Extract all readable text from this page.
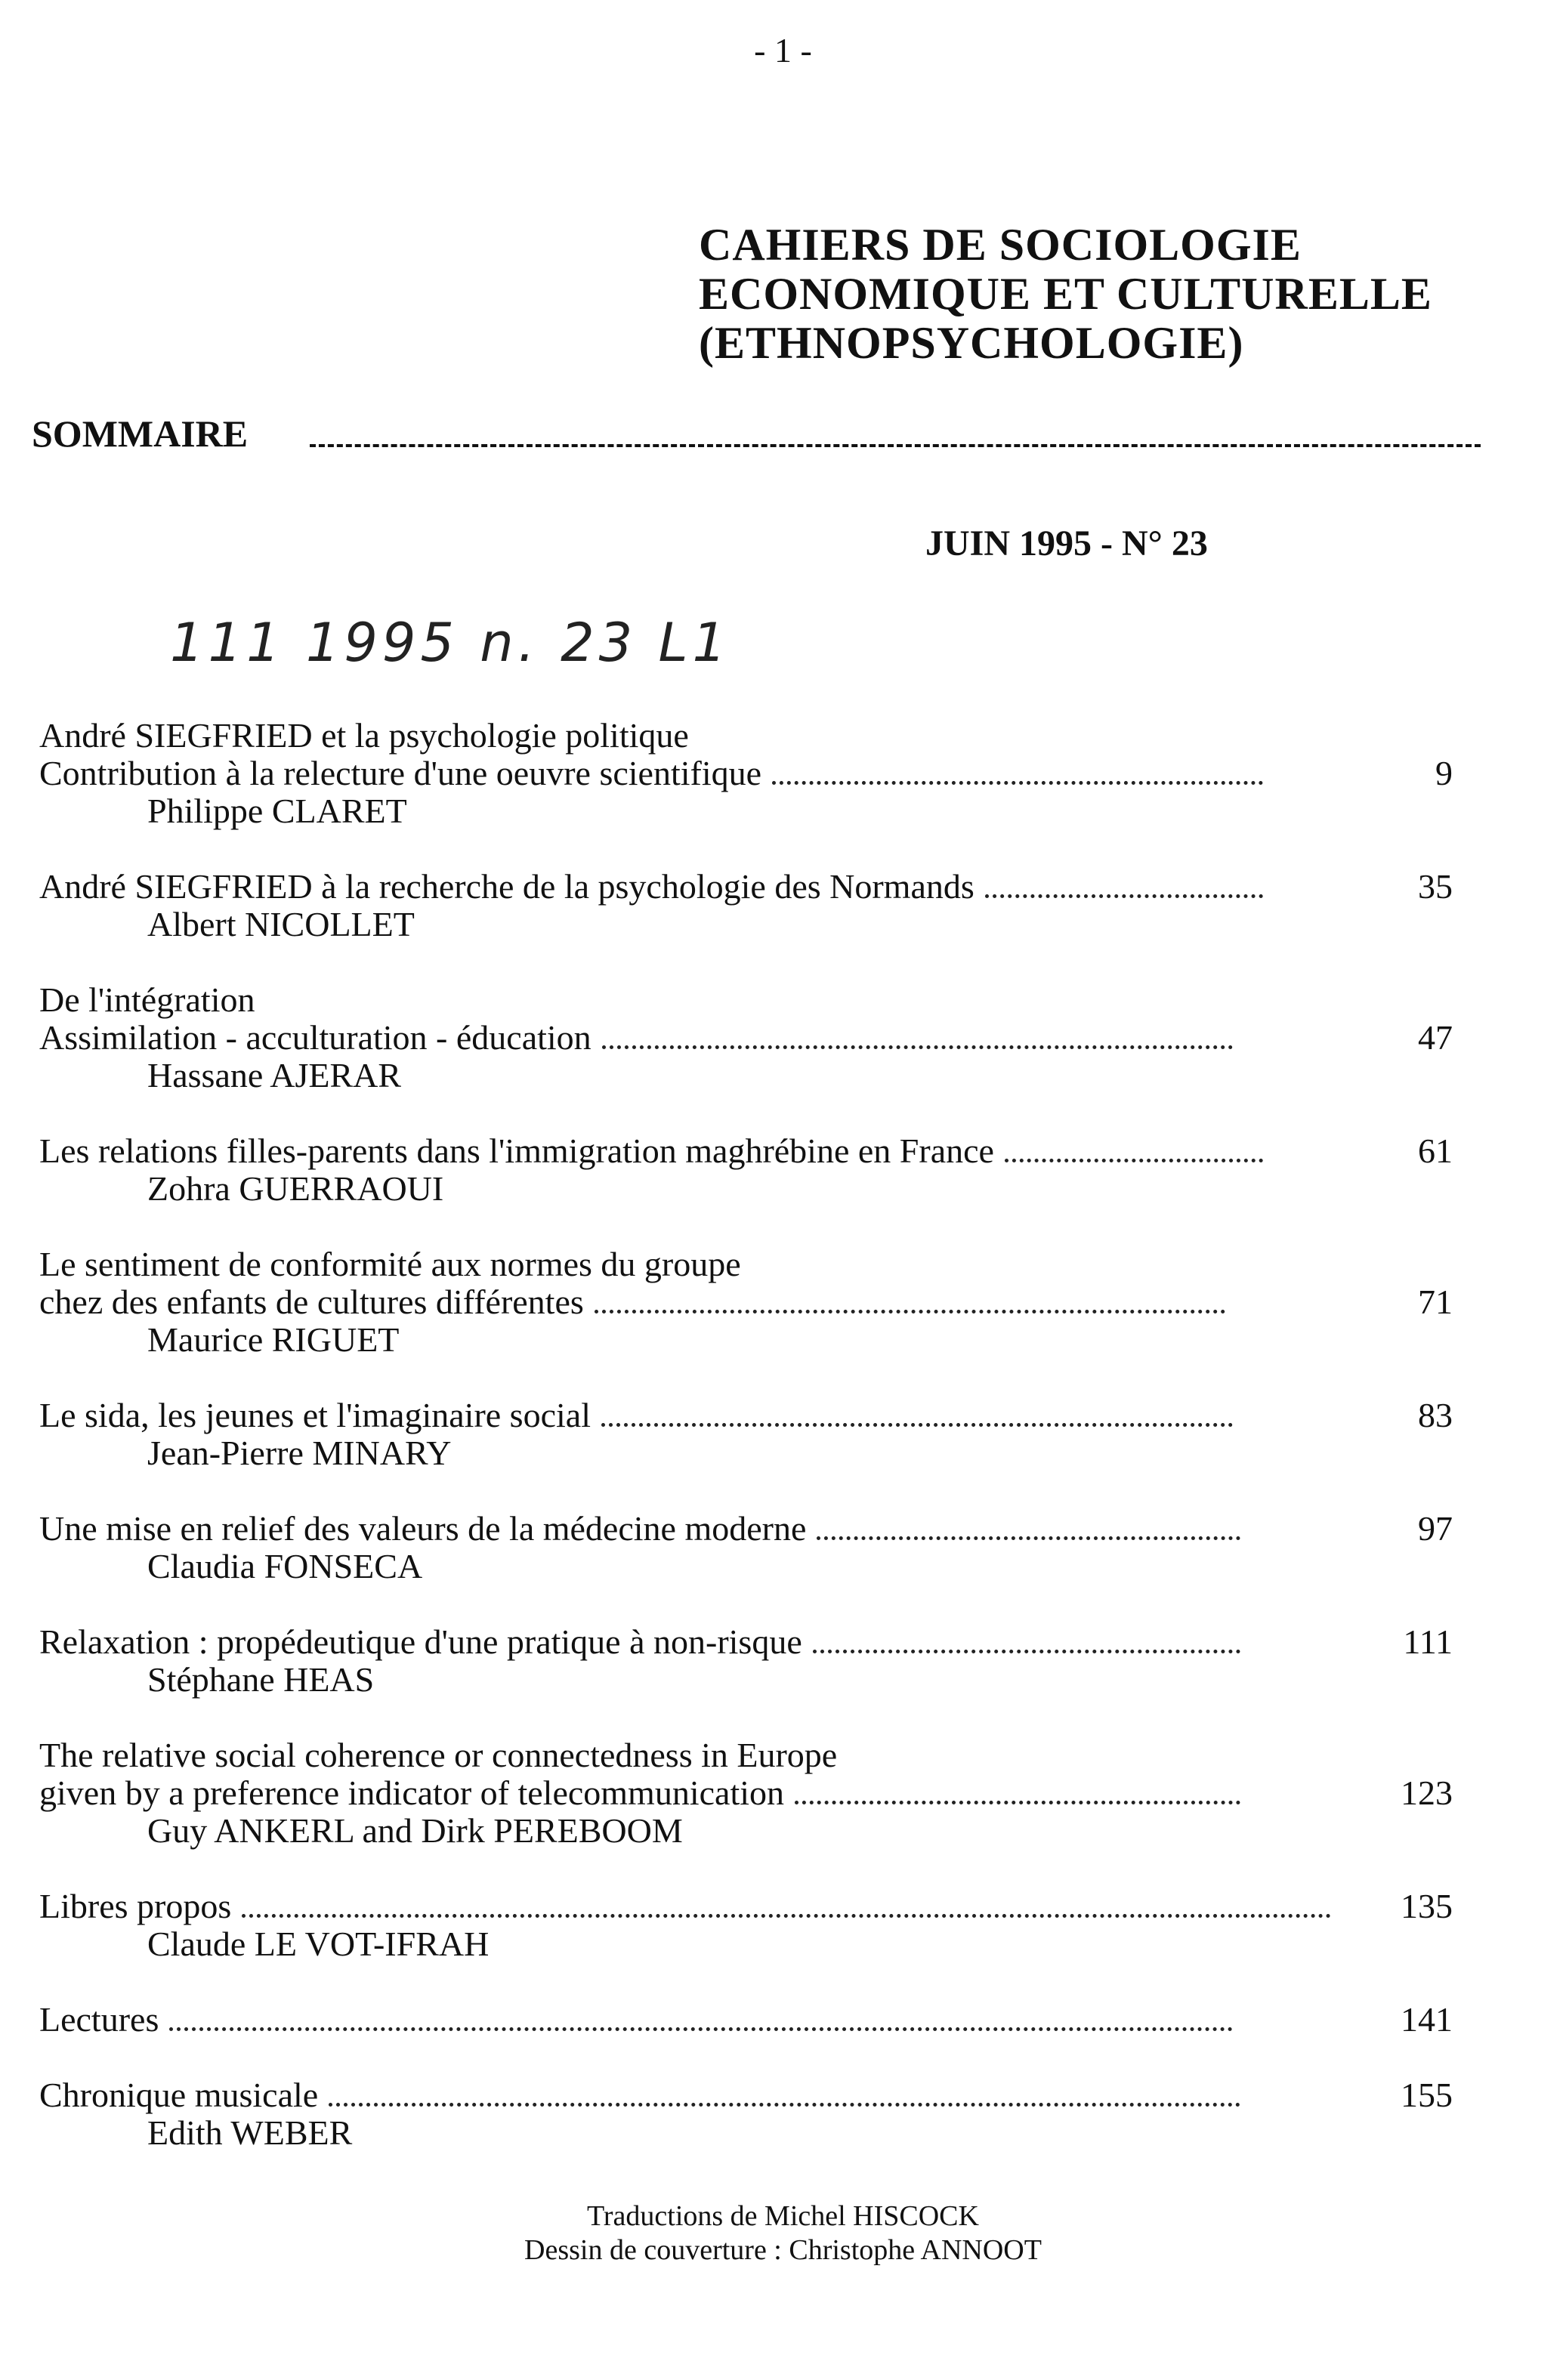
- 1 -
CAHIERS DE SOCIOLOGIE
ECONOMIQUE ET CULTURELLE
(ETHNOPSYCHOLOGIE)
SOMMAIRE
JUIN 1995 - N° 23
111 1995 n. 23 L1
André SIEGFRIED et la psychologie politique
Contribution à la relecture d'une oeuvre scientifique	9
Philippe CLARET
André SIEGFRIED à la recherche de la psychologie des Normands	35
Albert NICOLLET
De l'intégration
Assimilation - acculturation - éducation	47
Hassane AJERAR
Les relations filles-parents dans l'immigration maghrébine en France	61
Zohra GUERRAOUI
Le sentiment de conformité aux normes du groupe
chez des enfants de cultures différentes	71
Maurice RIGUET
Le sida, les jeunes et l'imaginaire social	83
Jean-Pierre MINARY
Une mise en relief des valeurs de la médecine moderne	97
Claudia FONSECA
Relaxation : propédeutique d'une pratique à non-risque	111
Stéphane HEAS
The relative social coherence or connectedness in Europe
given by a preference indicator of telecommunication	123
Guy ANKERL and Dirk PEREBOOM
Libres propos	135
Claude LE VOT-IFRAH
Lectures	141
Chronique musicale	155
Edith WEBER
Traductions de Michel HISCOCK
Dessin de couverture : Christophe ANNOOT
